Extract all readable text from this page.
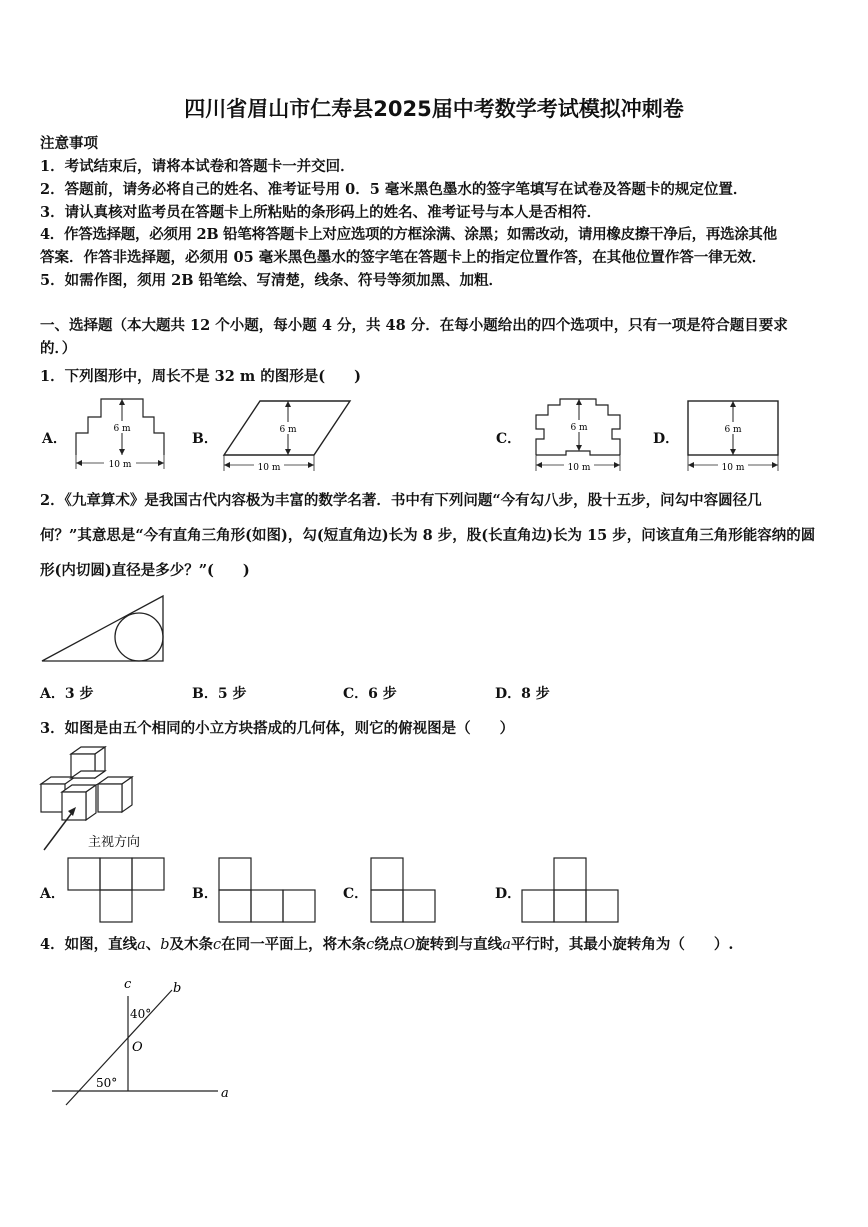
四川省眉山市仁寿县2025届中考数学考试模拟冲刺卷
注意事项
1．考试结束后，请将本试卷和答题卡一并交回．
2．答题前，请务必将自己的姓名、准考证号用 0．5 毫米黑色墨水的签字笔填写在试卷及答题卡的规定位置．
3．请认真核对监考员在答题卡上所粘贴的条形码上的姓名、准考证号与本人是否相符．
4．作答选择题，必须用 2B 铅笔将答题卡上对应选项的方框涂满、涂黑；如需改动，请用橡皮擦干净后，再选涂其他
答案．作答非选择题，必须用 05 毫米黑色墨水的签字笔在答题卡上的指定位置作答，在其他位置作答一律无效．
5．如需作图，须用 2B 铅笔绘、写清楚，线条、符号等须加黑、加粗．
一、选择题（本大题共 12 个小题，每小题 4 分，共 48 分．在每小题给出的四个选项中，只有一项是符合题目要求
的．）
1．下列图形中，周长不是 32 m 的图形是(　　)
A．
6 m
10 m
B．
6 m
10 m
C．
6 m
10 m
D．
6 m
10 m
2．《九章算术》是我国古代内容极为丰富的数学名著．书中有下列问题“今有勾八步，股十五步，问勾中容圆径几
何？”其意思是“今有直角三角形(如图)，勾(短直角边)长为 8 步，股(长直角边)长为 15 步，问该直角三角形能容纳的圆
形(内切圆)直径是多少？”(　　)
A．3 步	B．5 步	C．6 步	D．8 步
3．如图是由五个相同的小立方块搭成的几何体，则它的俯视图是（　　）
主视方向
A．	B．	C．	D．
4．如图，直线a、b及木条c在同一平面上，将木条c绕点O旋转到与直线a平行时，其最小旋转角为（　　）.
c	b
a
O
40°
50°
